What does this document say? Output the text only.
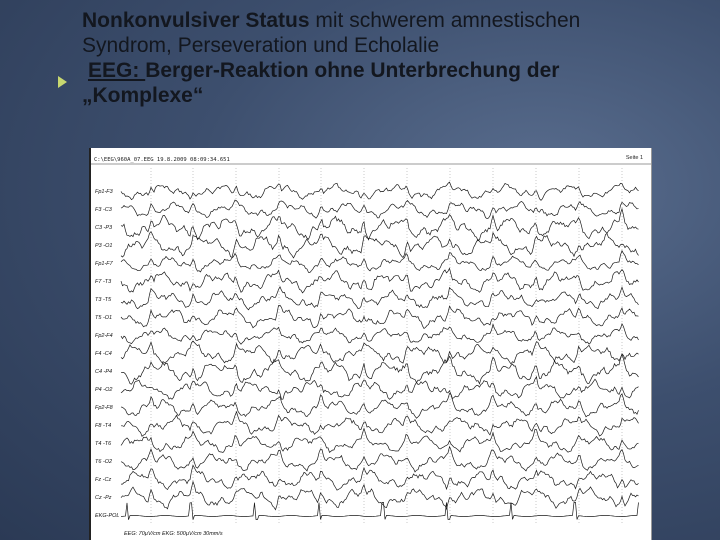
Nonkonvulsiver Status mit schwerem amnestischen
Syndrom, Perseveration und Echolalie
EEG: Berger-Reaktion ohne Unterbrechung der
„Komplexe“
C:\EEG\960A_07.EEG 19.8.2009 08:09:34.651	Seite 1
Fp1-F3
F3 -C3
C3 -P3
P3 -O1
Fp1-F7
F7 -T3
T3 -T5
T5 -O1
Fp2-F4
F4 -C4
C4 -P4
P4 -O2
Fp2-F8
F8 -T4
T4 -T6
T6 -O2
Fz -Cz
Cz -Pz
EKG-POL
EEG: 70µV/cm EKG: 500µV/cm 30mm/s
